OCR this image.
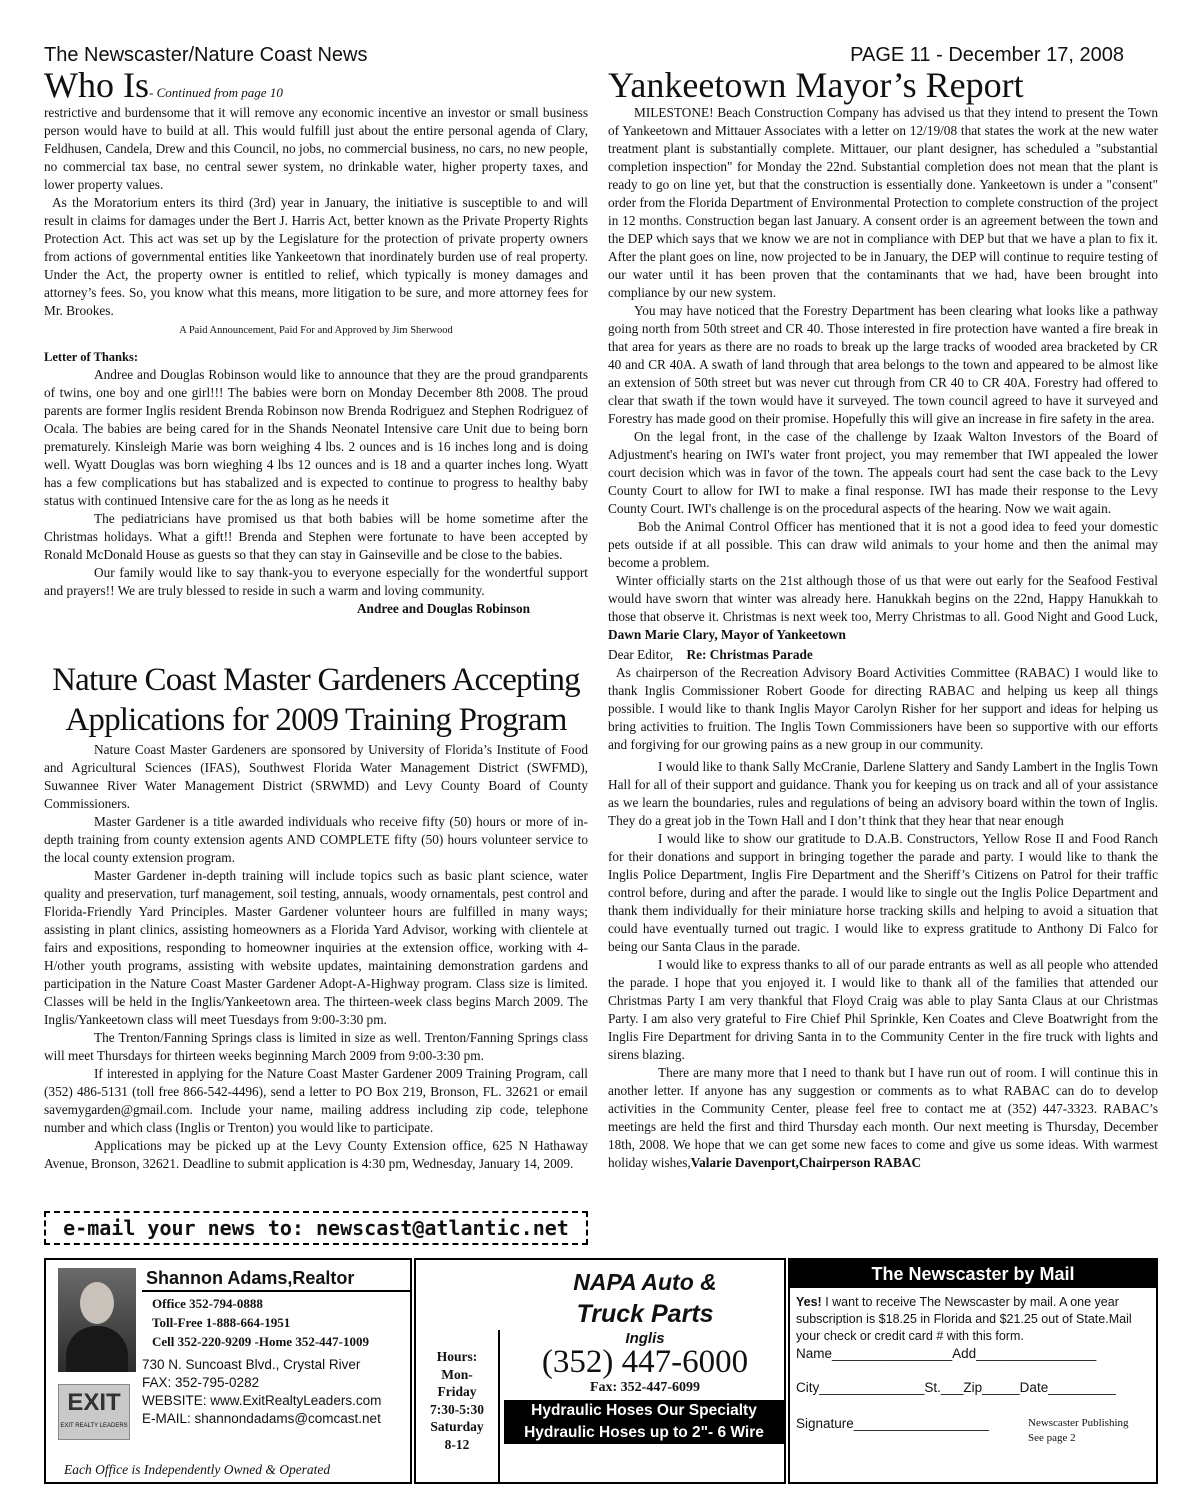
The Newscaster/Nature Coast News	PAGE 11 - December 17, 2008
Who Is- Continued from page 10

restrictive and burdensome that it will remove any economic incentive an investor or small business person would have to build at all. This would fulfill just about the entire personal agenda of Clary, Feldhusen, Candela, Drew and this Council, no jobs, no commercial business, no cars, no new people, no commercial tax base, no central sewer system, no drinkable water, higher property taxes, and lower property values.

As the Moratorium enters its third (3rd) year in January, the initiative is susceptible to and will result in claims for damages under the Bert J. Harris Act, better known as the Private Property Rights Protection Act. This act was set up by the Legislature for the protection of private property owners from actions of governmental entities like Yankeetown that inordinately burden use of real property. Under the Act, the property owner is entitled to relief, which typically is money damages and attorney’s fees. So, you know what this means, more litigation to be sure, and more attorney fees for Mr. Brookes.

A Paid Announcement, Paid For and Approved by Jim Sherwood

Letter of Thanks:

Andree and Douglas Robinson would like to announce that they are the proud grandparents of twins, one boy and one girl!!! The babies were born on Monday December 8th 2008. The proud parents are former Inglis resident Brenda Robinson now Brenda Rodriguez and Stephen Rodriguez of Ocala. The babies are being cared for in the Shands Neonatel Intensive care Unit due to being born prematurely. Kinsleigh Marie was born weighing 4 lbs. 2 ounces and is 16 inches long and is doing well. Wyatt Douglas was born wieghing 4 lbs 12 ounces and is 18 and a quarter inches long. Wyatt has a few complications but has stabalized and is expected to continue to progress to healthy baby status with continued Intensive care for the as long as he needs it

The pediatricians have promised us that both babies will be home sometime after the Christmas holidays. What a gift!! Brenda and Stephen were fortunate to have been accepted by Ronald McDonald House as guests so that they can stay in Gainseville and be close to the babies.

Our family would like to say thank-you to everyone especially for the wondertful support and prayers!! We are truly blessed to reside in such a warm and loving community.

Andree and Douglas Robinson

Nature Coast Master Gardeners Accepting
Applications for 2009 Training Program

Nature Coast Master Gardeners are sponsored by University of Florida’s Institute of Food and Agricultural Sciences (IFAS), Southwest Florida Water Management District (SWFMD), Suwannee River Water Management District (SRWMD) and Levy County Board of County Commissioners.

Master Gardener is a title awarded individuals who receive fifty (50) hours or more of in-depth training from county extension agents AND COMPLETE fifty (50) hours volunteer service to the local county extension program.

Master Gardener in-depth training will include topics such as basic plant science, water quality and preservation, turf management, soil testing, annuals, woody ornamentals, pest control and Florida-Friendly Yard Principles. Master Gardener volunteer hours are fulfilled in many ways; assisting in plant clinics, assisting homeowners as a Florida Yard Advisor, working with clientele at fairs and expositions, responding to homeowner inquiries at the extension office, working with 4-H/other youth programs, assisting with website updates, maintaining demonstration gardens and participation in the Nature Coast Master Gardener Adopt-A-Highway program. Class size is limited. Classes will be held in the Inglis/Yankeetown area. The thirteen-week class begins March 2009. The Inglis/Yankeetown class will meet Tuesdays from 9:00-3:30 pm.

The Trenton/Fanning Springs class is limited in size as well. Trenton/Fanning Springs class will meet Thursdays for thirteen weeks beginning March 2009 from 9:00-3:30 pm.

If interested in applying for the Nature Coast Master Gardener 2009 Training Program, call (352) 486-5131 (toll free 866-542-4496), send a letter to PO Box 219, Bronson, FL. 32621 or email savemygarden@gmail.com. Include your name, mailing address including zip code, telephone number and which class (Inglis or Trenton) you would like to participate.

Applications may be picked up at the Levy County Extension office, 625 N Hathaway Avenue, Bronson, 32621. Deadline to submit application is 4:30 pm, Wednesday, January 14, 2009.

e-mail your news to: newscast@atlantic.net
Yankeetown Mayor’s Report

MILESTONE! Beach Construction Company has advised us that they intend to present the Town of Yankeetown and Mittauer Associates with a letter on 12/19/08 that states the work at the new water treatment plant is substantially complete. Mittauer, our plant designer, has scheduled a "substantial completion inspection" for Monday the 22nd. Substantial completion does not mean that the plant is ready to go on line yet, but that the construction is essentially done. Yankeetown is under a "consent" order from the Florida Department of Environmental Protection to complete construction of the project in 12 months. Construction began last January. A consent order is an agreement between the town and the DEP which says that we know we are not in compliance with DEP but that we have a plan to fix it. After the plant goes on line, now projected to be in January, the DEP will continue to require testing of our water until it has been proven that the contaminants that we had, have been brought into compliance by our new system.

You may have noticed that the Forestry Department has been clearing what looks like a pathway going north from 50th street and CR 40. Those interested in fire protection have wanted a fire break in that area for years as there are no roads to break up the large tracks of wooded area bracketed by CR 40 and CR 40A. A swath of land through that area belongs to the town and appeared to be almost like an extension of 50th street but was never cut through from CR 40 to CR 40A. Forestry had offered to clear that swath if the town would have it surveyed. The town council agreed to have it surveyed and Forestry has made good on their promise. Hopefully this will give an increase in fire safety in the area.

On the legal front, in the case of the challenge by Izaak Walton Investors of the Board of Adjustment's hearing on IWI's water front project, you may remember that IWI appealed the lower court decision which was in favor of the town. The appeals court had sent the case back to the Levy County Court to allow for IWI to make a final response. IWI has made their response to the Levy County Court. IWI's challenge is on the procedural aspects of the hearing. Now we wait again.

Bob the Animal Control Officer has mentioned that it is not a good idea to feed your domestic pets outside if at all possible. This can draw wild animals to your home and then the animal may become a problem.

Winter officially starts on the 21st although those of us that were out early for the Seafood Festival would have sworn that winter was already here. Hanukkah begins on the 22nd, Happy Hanukkah to those that observe it. Christmas is next week too, Merry Christmas to all. Good Night and Good Luck, Dawn Marie Clary, Mayor of Yankeetown

Dear Editor, Re: Christmas Parade

As chairperson of the Recreation Advisory Board Activities Committee (RABAC) I would like to thank Inglis Commissioner Robert Goode for directing RABAC and helping us keep all things possible. I would like to thank Inglis Mayor Carolyn Risher for her support and ideas for helping us bring activities to fruition. The Inglis Town Commissioners have been so supportive with our efforts and forgiving for our growing pains as a new group in our community.

I would like to thank Sally McCranie, Darlene Slattery and Sandy Lambert in the Inglis Town Hall for all of their support and guidance. Thank you for keeping us on track and all of your assistance as we learn the boundaries, rules and regulations of being an advisory board within the town of Inglis. They do a great job in the Town Hall and I don’t think that they hear that near enough

I would like to show our gratitude to D.A.B. Constructors, Yellow Rose II and Food Ranch for their donations and support in bringing together the parade and party. I would like to thank the Inglis Police Department, Inglis Fire Department and the Sheriff’s Citizens on Patrol for their traffic control before, during and after the parade. I would like to single out the Inglis Police Department and thank them individually for their miniature horse tracking skills and helping to avoid a situation that could have eventually turned out tragic. I would like to express gratitude to Anthony Di Falco for being our Santa Claus in the parade.

I would like to express thanks to all of our parade entrants as well as all people who attended the parade. I hope that you enjoyed it. I would like to thank all of the families that attended our Christmas Party I am very thankful that Floyd Craig was able to play Santa Claus at our Christmas Party. I am also very grateful to Fire Chief Phil Sprinkle, Ken Coates and Cleve Boatwright from the Inglis Fire Department for driving Santa in to the Community Center in the fire truck with lights and sirens blazing.

There are many more that I need to thank but I have run out of room. I will continue this in another letter. If anyone has any suggestion or comments as to what RABAC can do to develop activities in the Community Center, please feel free to contact me at (352) 447-3323. RABAC’s meetings are held the first and third Thursday each month. Our next meeting is Thursday, December 18th, 2008. We hope that we can get some new faces to come and give us some ideas. With warmest holiday wishes,Valarie Davenport,Chairperson RABAC

Shannon Adams,Realtor
Office 352-794-0888
Toll-Free 1-888-664-1951
Cell 352-220-9209 -Home 352-447-1009
EXIT
EXIT REALTY LEADERS
730 N. Suncoast Blvd., Crystal River
FAX: 352-795-0282
WEBSITE: www.ExitRealtyLeaders.com
E-MAIL: shannondadams@comcast.net
Each Office is Independently Owned & Operated
NAPA Auto &
Truck Parts
Inglis
(352) 447-6000
Fax: 352-447-6099
Hours:
Mon-
Friday
7:30-5:30
Saturday
8-12
Hydraulic Hoses Our Specialty
Hydraulic Hoses up to 2"- 6 Wire
The Newscaster by Mail
Yes! I want to receive The Newscaster by mail. A one year subscription is $18.25 in Florida and $21.25 out of State.Mail your check or credit card # with this form.
Name________________Add________________
City______________St.___Zip_____Date_________
Signature__________________	Newscaster Publishing
See page 2
